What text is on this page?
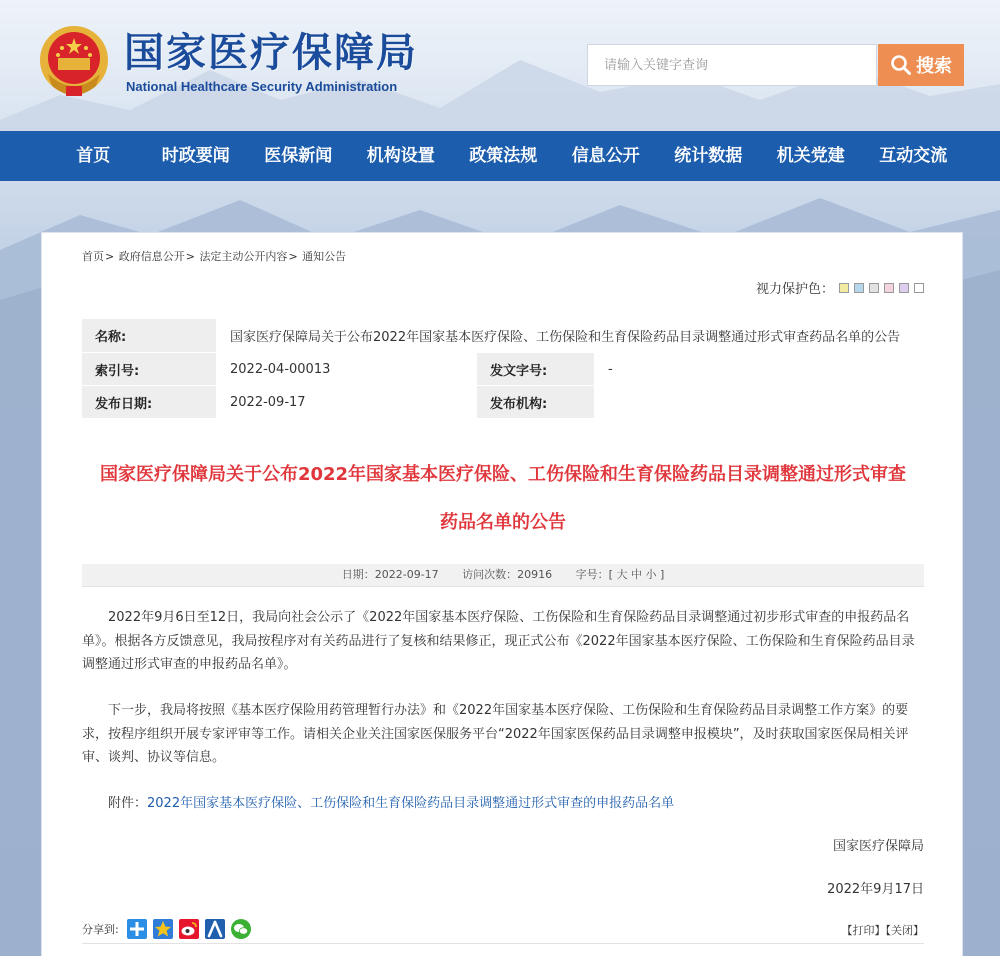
国家医疗保障局
National Healthcare Security Administration
请输入关键字查询
搜索
首页	时政要闻	医保新闻	机构设置	政策法规	信息公开	统计数据	机关党建	互动交流
首页> 政府信息公开> 法定主动公开内容> 通知公告
视力保护色：
名称:	国家医疗保障局关于公布2022年国家基本医疗保险、工伤保险和生育保险药品目录调整通过形式审查药品名单的公告		
索引号:	2022-04-00013	发文字号:	-
发布日期:	2022-09-17	发布机构:	
国家医疗保障局关于公布2022年国家基本医疗保险、工伤保险和生育保险药品目录调整通过形式审查
药品名单的公告
日期：2022-09-17 访问次数：20916 字号：[ 大 中 小 ]

2022年9月6日至12日，我局向社会公示了《2022年国家基本医疗保险、工伤保险和生育保险药品目录调整通过初步形式审查的申报药品名单》。根据各方反馈意见，我局按程序对有关药品进行了复核和结果修正，现正式公布《2022年国家基本医疗保险、工伤保险和生育保险药品目录调整通过形式审查的申报药品名单》。

下一步，我局将按照《基本医疗保险用药管理暂行办法》和《2022年国家基本医疗保险、工伤保险和生育保险药品目录调整工作方案》的要求，按程序组织开展专家评审等工作。请相关企业关注国家医保服务平台“2022年国家医保药品目录调整申报模块”，及时获取国家医保局相关评审、谈判、协议等信息。

附件：2022年国家基本医疗保险、工伤保险和生育保险药品目录调整通过形式审查的申报药品名单
国家医疗保障局
2022年9月17日
分享到:	【打印】【关闭】
